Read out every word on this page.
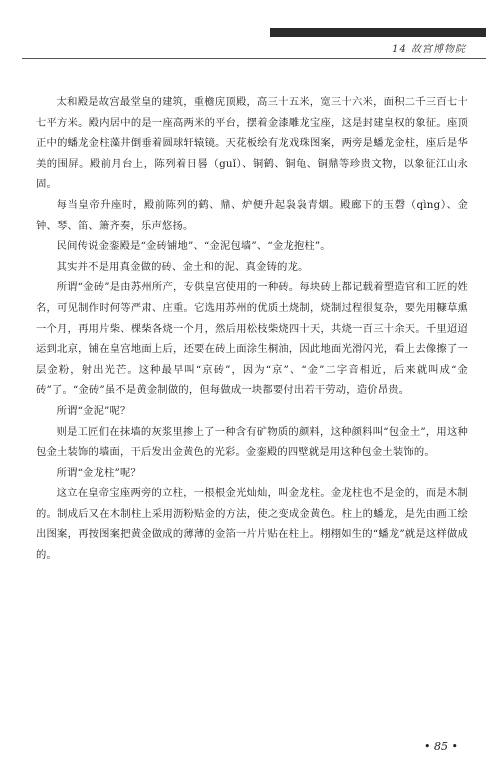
14 故宫博物院

太和殿是故宫最堂皇的建筑，重檐庑顶殿，高三十五米，宽三十六米，面积二千三百七十七平方米。殿内居中的是一座高两米的平台，摆着金漆雕龙宝座，这是封建皇权的象征。座顶正中的蟠龙金柱藻井倒垂着圆球轩辕镜。天花板绘有龙戏珠图案，两旁是蟠龙金柱，座后是华美的围屏。殿前月台上，陈列着日晷（guǐ）、铜鹤、铜龟、铜鼎等珍贵文物，以象征江山永固。

每当皇帝升座时，殿前陈列的鹤、鼎、炉便升起袅袅青烟。殿廊下的玉磬（qìng）、金钟、琴、笛、箫齐奏，乐声悠扬。

民间传说金銮殿是“金砖铺地”、“金泥包墙”、“金龙抱柱”。

其实并不是用真金做的砖、金土和的泥、真金铸的龙。

所谓“金砖”是由苏州所产，专供皇宫使用的一种砖。每块砖上都记载着塑造官和工匠的姓名，可见制作时何等严肃、庄重。它选用苏州的优质土烧制，烧制过程很复杂，要先用糠草熏一个月，再用片柴、棵柴各烧一个月，然后用松枝柴烧四十天，共烧一百三十余天。千里迢迢运到北京，铺在皇宫地面上后，还要在砖上面涂生桐油，因此地面光滑闪光，看上去像擦了一层金粉，射出光芒。这种最早叫“京砖”，因为“京”、“金”二字音相近，后来就叫成“金砖”了。“金砖”虽不是黄金制做的，但每做成一块都要付出若干劳动，造价昂贵。

所谓“金泥”呢？

则是工匠们在抹墙的灰浆里掺上了一种含有矿物质的颜料，这种颜料叫“包金土”，用这种包金土装饰的墙面，干后发出金黄色的光彩。金銮殿的四壁就是用这种包金土装饰的。

所谓“金龙柱”呢？

这立在皇帝宝座两旁的立柱，一根根金光灿灿，叫金龙柱。金龙柱也不是金的，而是木制的。制成后又在木制柱上采用沥粉贴金的方法，使之变成金黄色。柱上的蟠龙，是先由画工绘出图案，再按图案把黄金做成的薄薄的金箔一片片贴在柱上。栩栩如生的“蟠龙”就是这样做成的。

• 85 •
